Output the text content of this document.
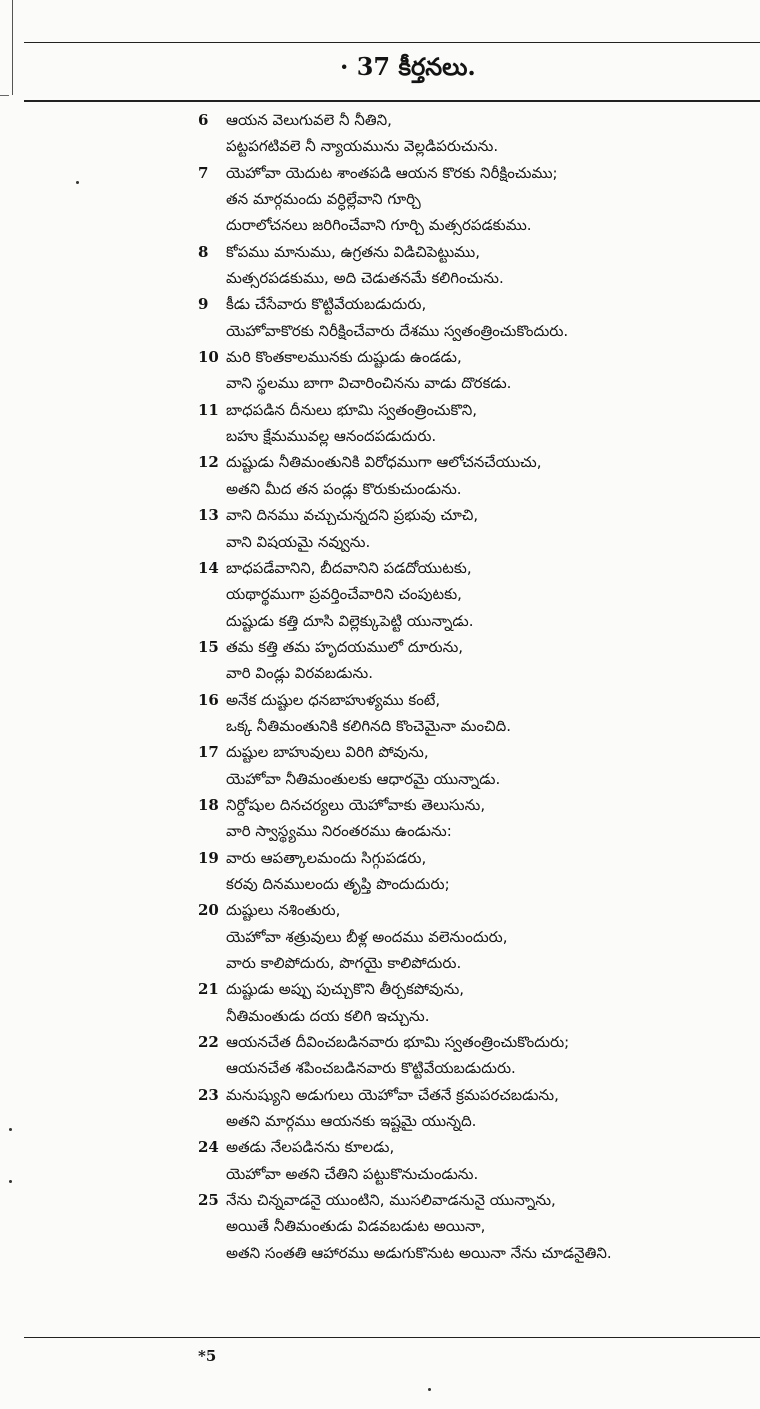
· 37 కీర్తనలు.
6 ఆయన వెలుగువలె నీ నీతిని,
పట్టపగటివలె నీ న్యాయమును వెల్లడిపరుచును.
7 యెహోవా యెదుట శాంతపడి ఆయన కొరకు నిరీక్షించుము;
తన మార్గమందు వర్ధిల్లేవాని గూర్చి
దురాలోచనలు జరిగించేవాని గూర్చి మత్సరపడకుము.
8 కోపము మానుము, ఉగ్రతను విడిచిపెట్టుము,
మత్సరపడకుము, అది చెడుతనమే కలిగించును.
9 కీడు చేసేవారు కొట్టివేయబడుదురు,
యెహోవాకొరకు నిరీక్షించేవారు దేశము స్వతంత్రించుకొందురు.
10 మరి కొంతకాలమునకు దుష్టుడు ఉండడు,
వాని స్థలము బాగా విచారించినను వాడు దొరకడు.
11 బాధపడిన దీనులు భూమి స్వతంత్రించుకొని,
బహు క్షేమమువల్ల ఆనందపడుదురు.
12 దుష్టుడు నీతిమంతునికి విరోధముగా ఆలోచనచేయుచు,
అతని మీద తన పండ్లు కొరుకుచుండును.
13 వాని దినము వచ్చుచున్నదని ప్రభువు చూచి,
వాని విషయమై నవ్వును.
14 బాధపడేవానిని, బీదవానిని పడదోయుటకు,
యథార్థముగా ప్రవర్తించేవారిని చంపుటకు,
దుష్టుడు కత్తి దూసి విల్లెక్కుపెట్టి యున్నాడు.
15 తమ కత్తి తమ హృదయములో దూరును,
వారి విండ్లు విరవబడును.
16 అనేక దుష్టుల ధనబాహుళ్యము కంటే,
ఒక్క నీతిమంతునికి కలిగినది కొంచెమైనా మంచిది.
17 దుష్టుల బాహువులు విరిగి పోవును,
యెహోవా నీతిమంతులకు ఆధారమై యున్నాడు.
18 నిర్దోషుల దినచర్యలు యెహోవాకు తెలుసును,
వారి స్వాస్థ్యము నిరంతరము ఉండును:
19 వారు ఆపత్కాలమందు సిగ్గుపడరు,
కరవు దినములందు తృప్తి పొందుదురు;
20 దుష్టులు నశింతురు,
యెహోవా శత్రువులు బీళ్ల అందము వలెనుందురు,
వారు కాలిపోదురు, పొగయై కాలిపోదురు.
21 దుష్టుడు అప్పు పుచ్చుకొని తీర్చకపోవును,
నీతిమంతుడు దయ కలిగి ఇచ్చును.
22 ఆయనచేత దీవించబడినవారు భూమి స్వతంత్రించుకొందురు;
ఆయనచేత శపించబడినవారు కొట్టివేయబడుదురు.
23 మనుష్యుని అడుగులు యెహోవా చేతనే క్రమపరచబడును,
అతని మార్గము ఆయనకు ఇష్టమై యున్నది.
24 అతడు నేలపడినను కూలడు,
యెహోవా అతని చేతిని పట్టుకొనుచుండును.
25 నేను చిన్నవాడనై యుంటిని, ముసలివాడనునై యున్నాను,
అయితే నీతిమంతుడు విడవబడుట అయినా,
అతని సంతతి ఆహారము అడుగుకొనుట అయినా నేను చూడనైతిని.
*5
